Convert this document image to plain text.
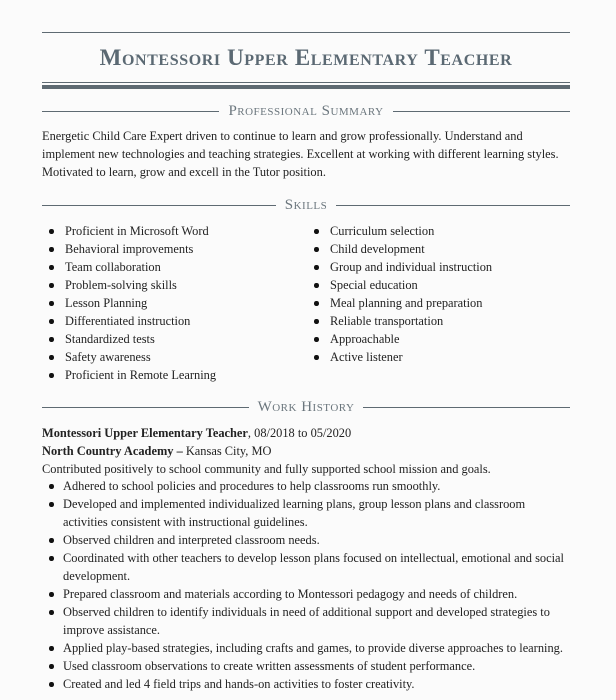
Montessori Upper Elementary Teacher
Professional Summary

Energetic Child Care Expert driven to continue to learn and grow professionally. Understand and implement new technologies and teaching strategies. Excellent at working with different learning styles. Motivated to learn, grow and excell in the Tutor position.

Skills
Proficient in Microsoft Word
Behavioral improvements
Team collaboration
Problem-solving skills
Lesson Planning
Differentiated instruction
Standardized tests
Safety awareness
Proficient in Remote Learning
Curriculum selection
Child development
Group and individual instruction
Special education
Meal planning and preparation
Reliable transportation
Approachable
Active listener
Work History
Montessori Upper Elementary Teacher, 08/2018 to 05/2020
North Country Academy – Kansas City, MO
Contributed positively to school community and fully supported school mission and goals.
Adhered to school policies and procedures to help classrooms run smoothly.
Developed and implemented individualized learning plans, group lesson plans and classroom activities consistent with instructional guidelines.
Observed children and interpreted classroom needs.
Coordinated with other teachers to develop lesson plans focused on intellectual, emotional and social development.
Prepared classroom and materials according to Montessori pedagogy and needs of children.
Observed children to identify individuals in need of additional support and developed strategies to improve assistance.
Applied play-based strategies, including crafts and games, to provide diverse approaches to learning.
Used classroom observations to create written assessments of student performance.
Created and led 4 field trips and hands-on activities to foster creativity.
